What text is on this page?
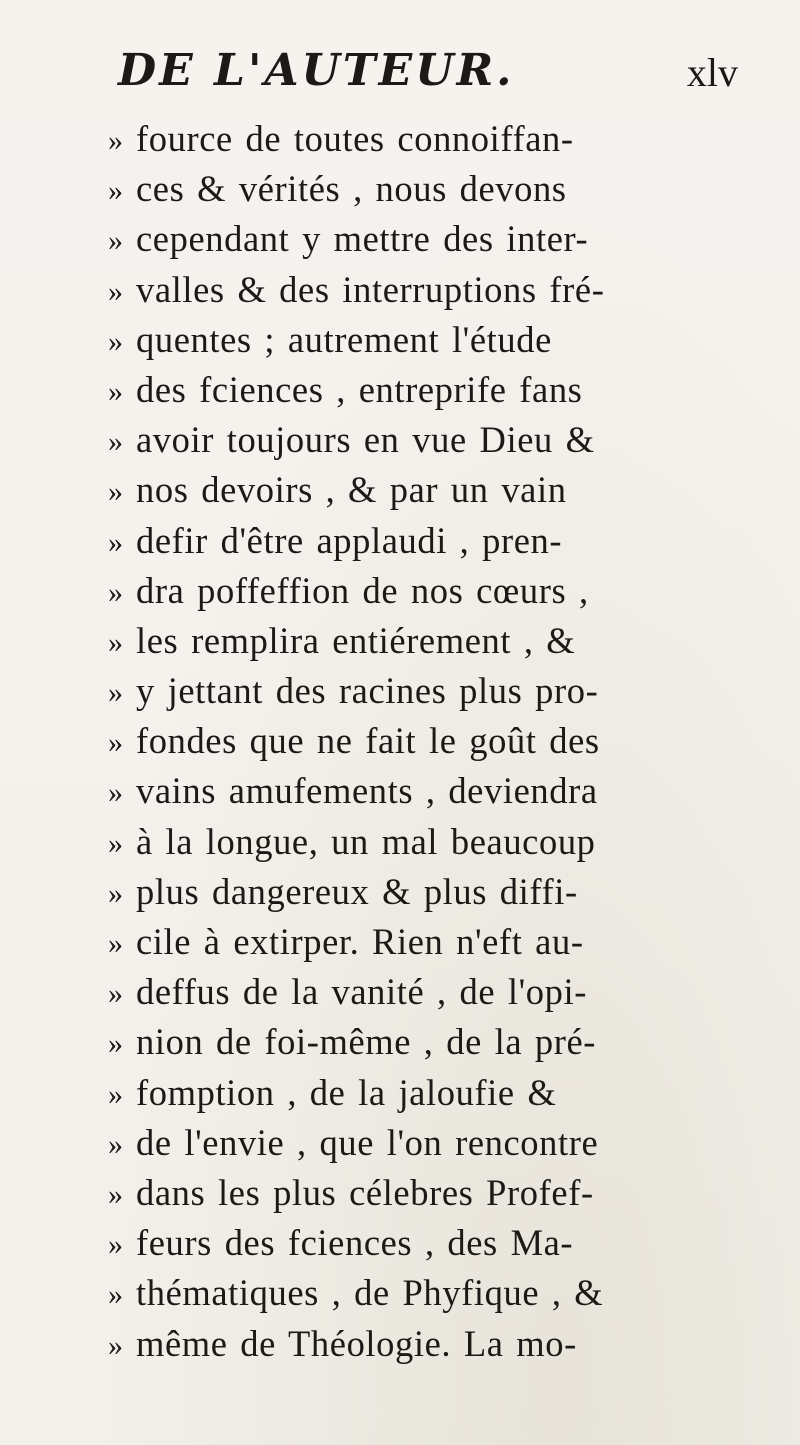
DE L'AUTEUR.	xlv
» fource de toutes connoiffan-
» ces & vérités , nous devons
» cependant y mettre des inter-
» valles & des interruptions fré-
» quentes ; autrement l'étude
» des fciences , entreprife fans
» avoir toujours en vue Dieu &
» nos devoirs , & par un vain
» defir d'être applaudi , pren-
» dra poffeffion de nos cœurs ,
» les remplira entiérement , &
» y jettant des racines plus pro-
» fondes que ne fait le goût des
» vains amufements , deviendra
» à la longue, un mal beaucoup
» plus dangereux & plus diffi-
» cile à extirper. Rien n'eft au-
» deffus de la vanité , de l'opi-
» nion de foi-même , de la pré-
» fomption , de la jaloufie &
» de l'envie , que l'on rencontre
» dans les plus célebres Profef-
» feurs des fciences , des Ma-
» thématiques , de Phyfique , &
» même de Théologie. La mo-
